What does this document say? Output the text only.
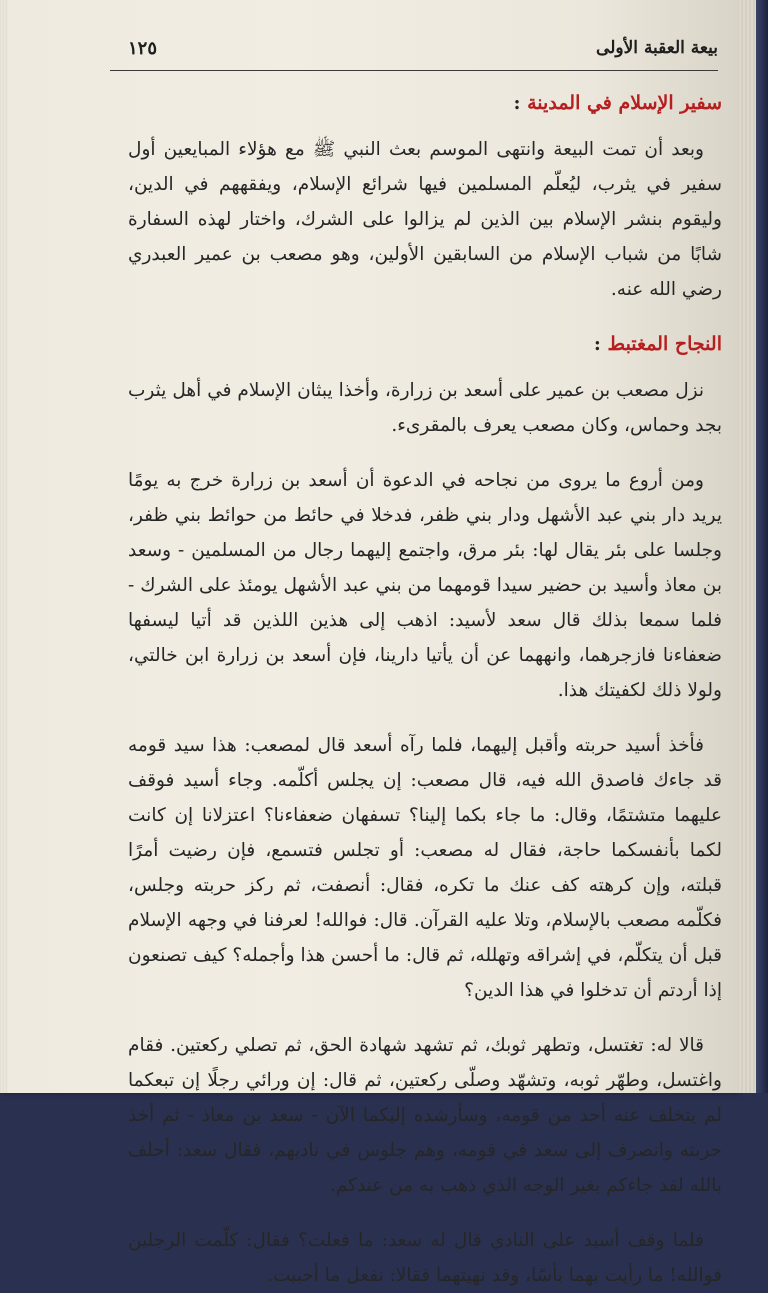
بيعة العقبة الأولى
١٢٥

سفير الإسلام في المدينة :

وبعد أن تمت البيعة وانتهى الموسم بعث النبي ﷺ مع هؤلاء المبايعين أول سفير في يثرب، ليُعلّم المسلمين فيها شرائع الإسلام، ويفقههم في الدين، وليقوم بنشر الإسلام بين الذين لم يزالوا على الشرك، واختار لهذه السفارة شابًا من شباب الإسلام من السابقين الأولين، وهو مصعب بن عمير العبدري رضي الله عنه.

النجاح المغتبط :

نزل مصعب بن عمير على أسعد بن زرارة، وأخذا يبثان الإسلام في أهل يثرب بجد وحماس، وكان مصعب يعرف بالمقرىء.

ومن أروع ما يروى من نجاحه في الدعوة أن أسعد بن زرارة خرج به يومًا يريد دار بني عبد الأشهل ودار بني ظفر، فدخلا في حائط من حوائط بني ظفر، وجلسا على بئر يقال لها: بئر مرق، واجتمع إليهما رجال من المسلمين - وسعد بن معاذ وأسيد بن حضير سيدا قومهما من بني عبد الأشهل يومئذ على الشرك - فلما سمعا بذلك قال سعد لأسيد: اذهب إلى هذين اللذين قد أتيا ليسفها ضعفاءنا فازجرهما، وانههما عن أن يأتيا دارينا، فإن أسعد بن زرارة ابن خالتي، ولولا ذلك لكفيتك هذا.

فأخذ أسيد حربته وأقبل إليهما، فلما رآه أسعد قال لمصعب: هذا سيد قومه قد جاءك فاصدق الله فيه، قال مصعب: إن يجلس أكلّمه. وجاء أسيد فوقف عليهما متشتمًا، وقال: ما جاء بكما إلينا؟ تسفهان ضعفاءنا؟ اعتزلانا إن كانت لكما بأنفسكما حاجة، فقال له مصعب: أو تجلس فتسمع، فإن رضيت أمرًا قبلته، وإن كرهته كف عنك ما تكره، فقال: أنصفت، ثم ركز حربته وجلس، فكلّمه مصعب بالإسلام، وتلا عليه القرآن. قال: فوالله! لعرفنا في وجهه الإسلام قبل أن يتكلّم، في إشراقه وتهلله، ثم قال: ما أحسن هذا وأجمله؟ كيف تصنعون إذا أردتم أن تدخلوا في هذا الدين؟

قالا له: تغتسل، وتطهر ثوبك، ثم تشهد شهادة الحق، ثم تصلي ركعتين. فقام واغتسل، وطهّر ثوبه، وتشهّد وصلّى ركعتين، ثم قال: إن ورائي رجلًا إن تبعكما لم يتخلف عنه أحد من قومه، وسأرشده إليكما الآن - سعد بن معاذ - ثم أخذ حربته وانصرف إلى سعد في قومه، وهم جلوس في ناديهم، فقال سعد: أحلف بالله لقد جاءكم بغير الوجه الذي ذهب به من عندكم.

فلما وقف أسيد على النادي قال له سعد: ما فعلت؟ فقال: كلّمت الرجلين فوالله! ما رأيت بهما بأسًا، وقد نهيتهما فقالا: نفعل ما أحببت.
